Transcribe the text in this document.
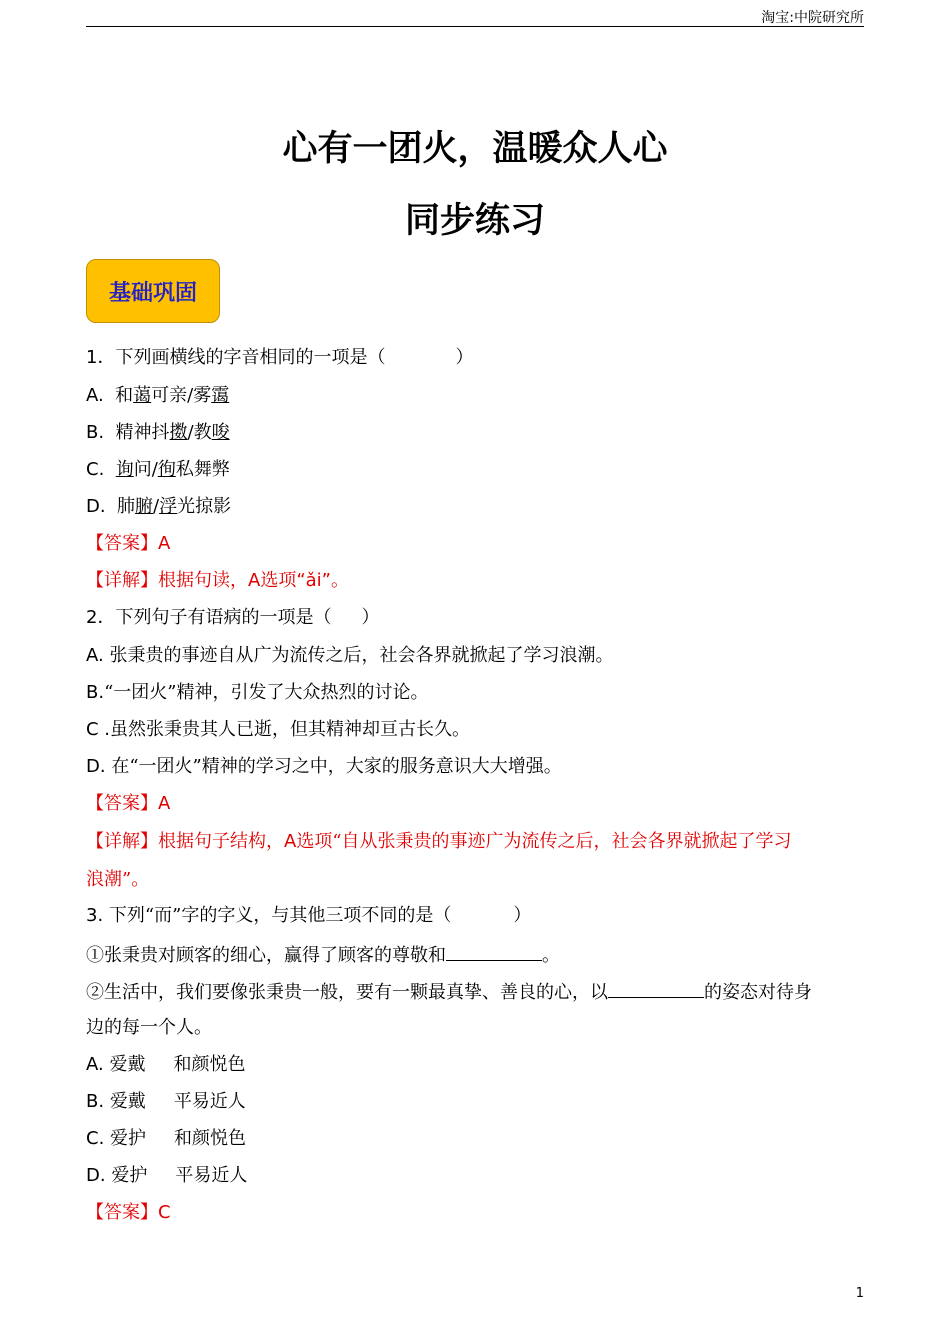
淘宝:中院研究所
心有一团火，温暖众人心
同步练习
基础巩固
1．下列画横线的字音相同的一项是（	）
A. 和蔼可亲/雾霭
B. 精神抖擞/教唆
C. 询问/徇私舞弊
D. 肺腑/浮光掠影
【答案】A
【详解】根据句读，A选项“ǎi”。
2．下列句子有语病的一项是（ ）
A. 张秉贵的事迹自从广为流传之后，社会各界就掀起了学习浪潮。
B.“一团火”精神，引发了大众热烈的讨论。
C .虽然张秉贵其人已逝，但其精神却亘古长久。
D. 在“一团火”精神的学习之中，大家的服务意识大大增强。
【答案】A
【详解】根据句子结构，A选项“自从张秉贵的事迹广为流传之后，社会各界就掀起了学习
浪潮”。
3. 下列“而”字的字义，与其他三项不同的是（	）
①张秉贵对顾客的细心，赢得了顾客的尊敬和	。
②生活中，我们要像张秉贵一般，要有一颗最真挚、善良的心，以	的姿态对待身
边的每一个人。
A. 爱戴 和颜悦色
B. 爱戴 平易近人
C. 爱护 和颜悦色
D. 爱护 平易近人
【答案】C
1
